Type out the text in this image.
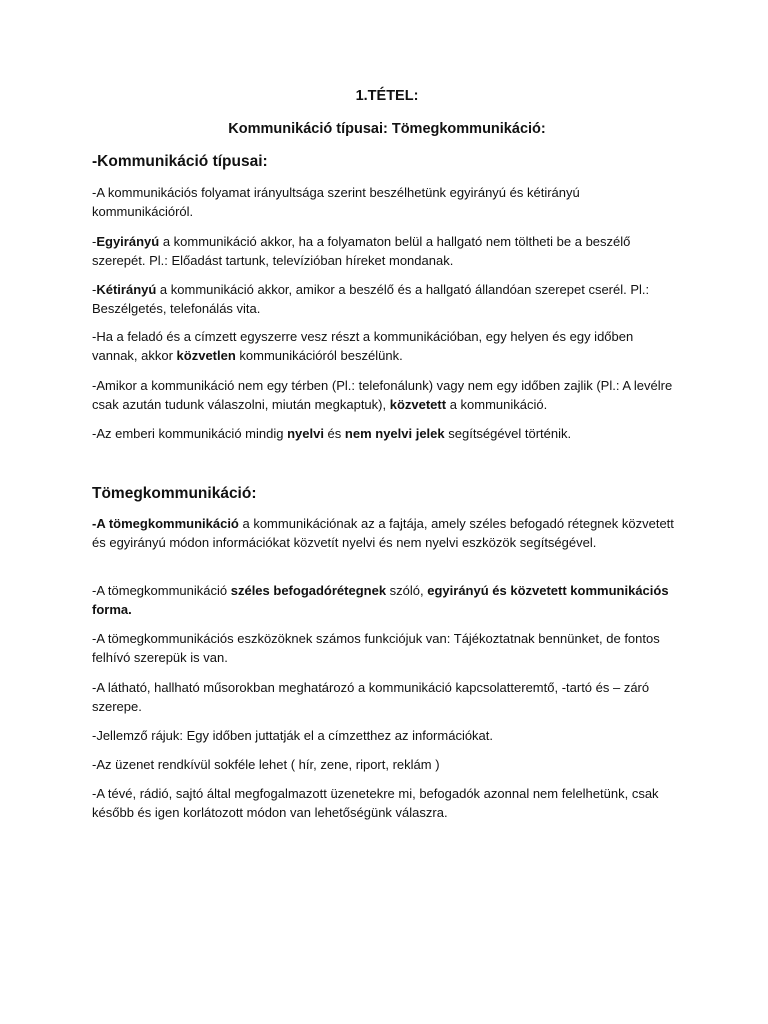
1.TÉTEL:

Kommunikáció típusai: Tömegkommunikáció:

-Kommunikáció típusai:

-A kommunikációs folyamat irányultsága szerint beszélhetünk egyirányú és kétirányú kommunikációról.

-Egyirányú a kommunikáció akkor, ha a folyamaton belül a hallgató nem töltheti be a beszélő szerepét. Pl.: Előadást tartunk, televízióban híreket mondanak.

-Kétirányú a kommunikáció akkor, amikor a beszélő és a hallgató állandóan szerepet cserél. Pl.: Beszélgetés, telefonálás vita.

-Ha a feladó és a címzett egyszerre vesz részt a kommunikációban, egy helyen és egy időben vannak, akkor közvetlen kommunikációról beszélünk.

-Amikor a kommunikáció nem egy térben (Pl.: telefonálunk) vagy nem egy időben zajlik (Pl.: A levélre csak azután tudunk válaszolni, miután megkaptuk), közvetett a kommunikáció.

-Az emberi kommunikáció mindig nyelvi és nem nyelvi jelek segítségével történik.

Tömegkommunikáció:

-A tömegkommunikáció a kommunikációnak az a fajtája, amely széles befogadó rétegnek közvetett és egyirányú módon információkat közvetít nyelvi és nem nyelvi eszközök segítségével.

-A tömegkommunikáció széles befogadórétegnek szóló, egyirányú és közvetett kommunikációs forma.

-A tömegkommunikációs eszközöknek számos funkciójuk van: Tájékoztatnak bennünket, de fontos felhívó szerepük is van.

-A látható, hallható műsorokban meghatározó a kommunikáció kapcsolatteremtő, -tartó és – záró szerepe.

-Jellemző rájuk: Egy időben juttatják el a címzetthez az információkat.

-Az üzenet rendkívül sokféle lehet ( hír, zene, riport, reklám )

-A tévé, rádió, sajtó által megfogalmazott üzenetekre mi, befogadók azonnal nem felelhetünk, csak később és igen korlátozott módon van lehetőségünk válaszra.
